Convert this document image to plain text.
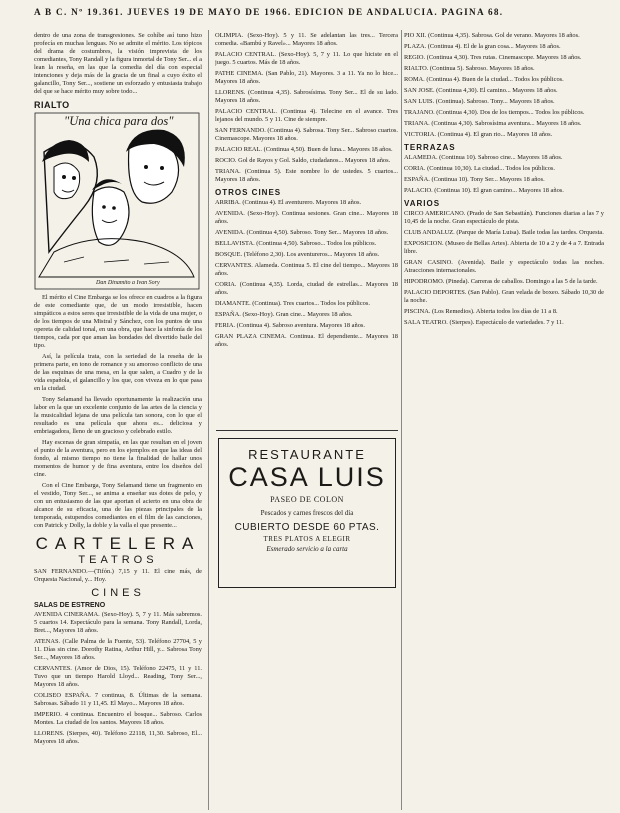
A B C. Nº 19.361. JUEVES 19 DE MAYO DE 1966. EDICION DE ANDALUCIA. PAGINA 68.

dentro de una zona de transgresiones. Se cohíbe así tuno hizo profecía en muchas lenguas. No se admite el mérito. Los tópicos del drama de costumbres, la visión imprevista de los comediantes, Tony Randall y la figura inmortal de Tony Ser... el a lean la reseña, en las que la comedia del día con especial intenciones y deja más de la gracia de un final a cuyo éxito el galancillo, Tony Ser..., sostiene un esforzado y entusiasta trabajo del que se hace mérito muy sobre todo...

RIALTO
"Una chica para dos"
Dan Dinamito a Ivan Sory

El mérito el Cine Embarga se los ofrece en cuadros a la figura de este comediante que, de un modo irresistible, hacen simpáticos a estos seres que irresistible de la vida de una mujer, o de los tiempos de una Mistral y Sánchez, con los puntos de una opereta de calidad tonal, en una obra, que hace la sinfonía de los tiempos, cada por que aman las bondades del divertido baile del tipo.

Así, la película trata, con la seriedad de la reseña de la primera parte, en tono de romance y su amoroso conflicto de una de las esquinas de una mesa, en la que salen, a Cuadro y de la vida española, el galancillo y los que, con viveza en lo que pasa en la ciudad.

Tony Selamand ha llevado oportunamente la realización una labor en la que un excelente conjunto de las artes de la ciencia y la musicalidad lejana de una película tan sonora, con lo que el resultado es una película que ahora es... deliciosa y embriagadora, lleno de un gracioso y celebrado estilo.

Hay escenas de gran simpatía, en las que resultan en el joven el punto de la aventura, pero en los ejemplos en que las ideas del fondo, al mismo tiempo no tiene la finalidad de hallar unos momentos de humor y de fina aventura, entre los diseños del cine.

Con el Cine Embarga, Tony Selamand tiene un fragmento en el vestido, Tony Ser..., se anima a enseñar sus dotes de pelo, y con un entusiasmo de las que aportan el acierto en una obra de alcance de su eficacia, una de las piezas principales de la temporada, estupendos comediantes en el film de las canciones, con Patrick y Dolly, la doble y la valla el que presente...

CARTELERA
TEATROS

SAN FERNANDO.—(Tifón.) 7,15 y 11. El cine más, de Orquesta Nacional, y... Hoy.

CINES
SALAS DE ESTRENO

AVENIDA CINERAMA. (Sexo-Hoy). 5, 7 y 11. Más sabremos. 5 cuartos 14. Espectáculo para la semana. Tony Randall, Lorda, Bret..., Mayores 18 años.

ATENAS. (Calle Palma de la Fuente, 53). Teléfono 27704, 5 y 11. Días sin cine. Dorothy Ratina, Arthur Hill, y... Sabrosa Tony Ser..., Mayores 18 años.

CERVANTES. (Amor de Dios, 15). Teléfono 22475, 11 y 11. Tuvo que un tiempo Harold Lloyd... Reading, Tony Ser..., Mayores 18 años.

COLISEO ESPAÑA. 7 continua, 8. Últimas de la semana. Sabrosas. Sábado 11 y 11,45. El Mayo... Mayores 18 años.

IMPERIO. 4 continua. Encuentro el bosque... Sabroso. Carlos Montes. La ciudad de los santos. Mayores 18 años.

LLORENS. (Sierpes, 40). Teléfono 22118, 11,30. Sabroso, El... Mayores 18 años.

OLIMPIA. (Sexo-Hoy). 5 y 11. Se adelantan las tres... Tercera comedia. «Bambú y Ravel»... Mayores 18 años.

PALACIO CENTRAL. (Sexo-Hoy). 5, 7 y 11. Lo que hiciste en el juego. 5 cuartos. Más de 18 años.

PATHE CINEMA. (San Pablo, 21). Mayores. 3 a 11. Ya no lo hice... Mayores 18 años.

LLORENS. (Continua 4,35). Sabrosísima. Tony Ser... El de su lado. Mayores 18 años.

PALACIO CENTRAL. (Continua 4). Telecine en el avance. Tres lejanos del mundo. 5 y 11. Cine de siempre.

SAN FERNANDO. (Continua 4). Sabrosa. Tony Ser... Sabroso cuartos. Cinemascope. Mayores 18 años.

PALACIO REAL. (Continua 4,50). Buen de luna... Mayores 18 años.

ROCIO. Gol de Rayos y Gol. Saldo, ciudadanos... Mayores 18 años.

TRIANA. (Continua 5). Este nombre lo de ustedes. 5 cuartos... Mayores 18 años.

OTROS CINES

ARRIBA. (Continua 4). El aventurero. Mayores 18 años.

AVENIDA. (Sexo-Hoy). Continua sesiones. Gran cine... Mayores 18 años.

AVENIDA. (Continua 4,50). Sabroso. Tony Ser... Mayores 18 años.

BELLAVISTA. (Continua 4,50). Sabroso... Todos los públicos.

BOSQUE. (Teléfono 2,30). Los aventureros... Mayores 18 años.

CERVANTES. Alameda. Continua 5. El cine del tiempo... Mayores 18 años.

CORIA. (Continua 4,35). Lorda, ciudad de estrellas... Mayores 18 años.

DIAMANTE. (Continua). Tres cuartos... Todos los públicos.

ESPAÑA. (Sexo-Hoy). Gran cine... Mayores 18 años.

FERIA. (Continua 4). Sabroso aventura. Mayores 18 años.

GRAN PLAZA CINEMA. Continua. El dependiente... Mayores 18 años.

RESTAURANTE
CASA LUIS
PASEO DE COLON
Pescados y carnes frescos del día
CUBIERTO DESDE 60 PTAS.
TRES PLATOS A ELEGIR
Esmerado servicio a la carta

PIO XII. (Continua 4,35). Sabrosa. Gol de verano. Mayores 18 años.

PLAZA. (Continua 4). El de la gran cosa... Mayores 18 años.

REGIO. (Continua 4,30). Tres rutas. Cinemascope. Mayores 18 años.

RIALTO. (Continua 5). Sabroso. Mayores 18 años.

ROMA. (Continua 4). Buen de la ciudad... Todos los públicos.

SAN JOSE. (Continua 4,30). El camino... Mayores 18 años.

SAN LUIS. (Continua). Sabroso. Tony... Mayores 18 años.

TRAJANO. (Continua 4,30). Dos de los tiempos... Todos los públicos.

TRIANA. (Continua 4,30). Sabrosísima aventura... Mayores 18 años.

VICTORIA. (Continua 4). El gran rio... Mayores 18 años.

TERRAZAS

ALAMEDA. (Continua 10). Sabroso cine... Mayores 18 años.

CORIA. (Continua 10,30). La ciudad... Todos los públicos.

ESPAÑA. (Continua 10). Tony Ser... Mayores 18 años.

PALACIO. (Continua 10). El gran camino... Mayores 18 años.

VARIOS

CIRCO AMERICANO. (Prado de San Sebastián). Funciones diarias a las 7 y 10,45 de la noche. Gran espectáculo de pista.

CLUB ANDALUZ. (Parque de María Luisa). Baile todas las tardes. Orquesta.

EXPOSICION. (Museo de Bellas Artes). Abierta de 10 a 2 y de 4 a 7. Entrada libre.

GRAN CASINO. (Avenida). Baile y espectáculo todas las noches. Atracciones internacionales.

HIPODROMO. (Pineda). Carreras de caballos. Domingo a las 5 de la tarde.

PALACIO DEPORTES. (San Pablo). Gran velada de boxeo. Sábado 10,30 de la noche.

PISCINA. (Los Remedios). Abierta todos los días de 11 a 8.

SALA TEATRO. (Sierpes). Espectáculo de variedades. 7 y 11.
